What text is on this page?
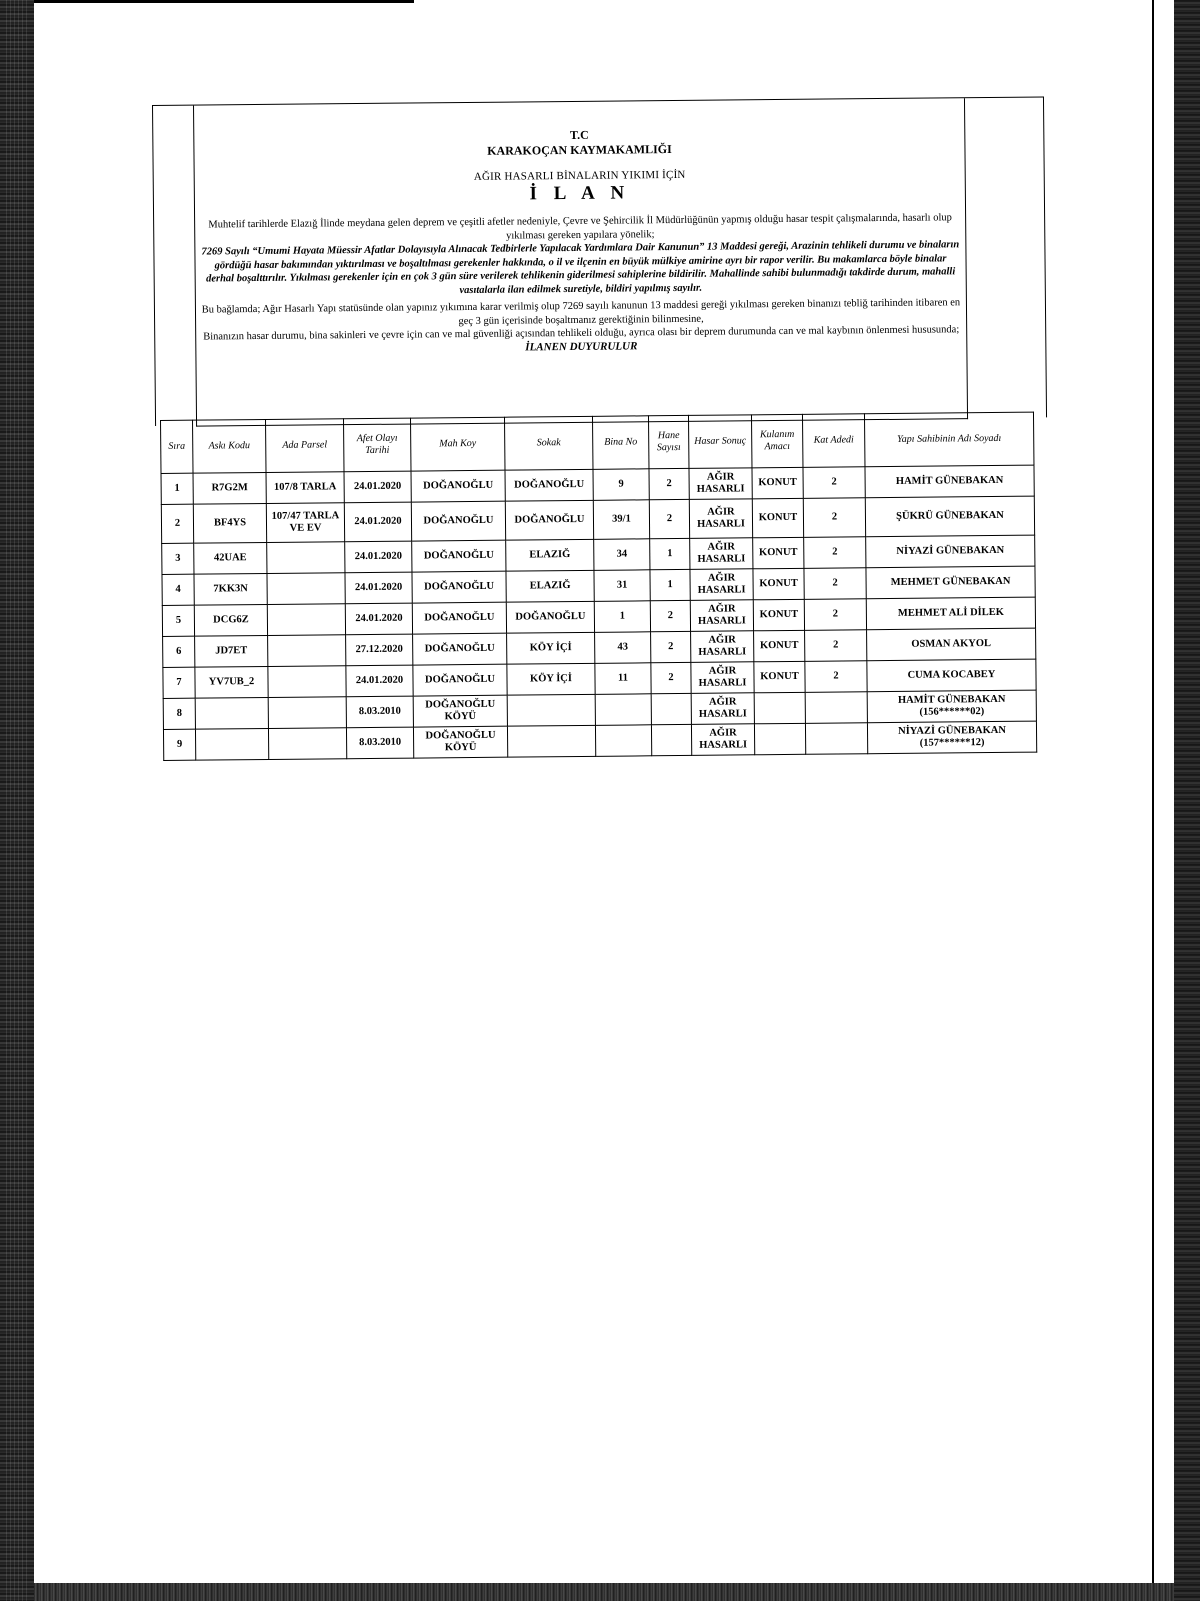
T.C
KARAKOÇAN KAYMAKAMLIĞI
AĞIR HASARLI BİNALARIN YIKIMI İÇİN
İ L A N
Muhtelif tarihlerde Elazığ İlinde meydana gelen deprem ve çeşitli afetler nedeniyle, Çevre ve Şehircilik İl Müdürlüğünün yapmış olduğu hasar tespit çalışmalarında, hasarlı olup yıkılması gereken yapılara yönelik;
7269 Sayılı “Umumi Hayata Müessir Afatlar Dolayısıyla Alınacak Tedbirlerle Yapılacak Yardımlara Dair Kanunun” 13 Maddesi gereği, Arazinin tehlikeli durumu ve binaların gördüğü hasar bakımından yıktırılması ve boşaltılması gerekenler hakkında, o il ve ilçenin en büyük mülkiye amirine ayrı bir rapor verilir. Bu makamlarca böyle binalar derhal boşalttırılır. Yıkılması gerekenler için en çok 3 gün süre verilerek tehlikenin giderilmesi sahiplerine bildirilir. Mahallinde sahibi bulunmadığı takdirde durum, mahalli vasıtalarla ilan edilmek suretiyle, bildiri yapılmış sayılır.
Bu bağlamda; Ağır Hasarlı Yapı statüsünde olan yapınız yıkımına karar verilmiş olup 7269 sayılı kanunun 13 maddesi gereği yıkılması gereken binanızı tebliğ tarihinden itibaren en geç 3 gün içerisinde boşaltmanız gerektiğinin bilinmesine,
Binanızın hasar durumu, bina sakinleri ve çevre için can ve mal güvenliği açısından tehlikeli olduğu, ayrıca olası bir deprem durumunda can ve mal kaybının önlenmesi hususunda;
İLANEN DUYURULUR
Sıra	Askı Kodu	Ada Parsel	Afet Olayı Tarihi	Mah Koy	Sokak	Bina No	Hane Sayısı	Hasar Sonuç	Kulanım Amacı	Kat Adedi	Yapı Sahibinin Adı Soyadı
1	R7G2M	107/8 TARLA	24.01.2020	DOĞANOĞLU	DOĞANOĞLU	9	2	AĞIR HASARLI	KONUT	2	HAMİT GÜNEBAKAN
2	BF4YS	107/47 TARLA VE EV	24.01.2020	DOĞANOĞLU	DOĞANOĞLU	39/1	2	AĞIR HASARLI	KONUT	2	ŞÜKRÜ GÜNEBAKAN
3	42UAE		24.01.2020	DOĞANOĞLU	ELAZIĞ	34	1	AĞIR HASARLI	KONUT	2	NİYAZİ GÜNEBAKAN
4	7KK3N		24.01.2020	DOĞANOĞLU	ELAZIĞ	31	1	AĞIR HASARLI	KONUT	2	MEHMET GÜNEBAKAN
5	DCG6Z		24.01.2020	DOĞANOĞLU	DOĞANOĞLU	1	2	AĞIR HASARLI	KONUT	2	MEHMET ALİ DİLEK
6	JD7ET		27.12.2020	DOĞANOĞLU	KÖY İÇİ	43	2	AĞIR HASARLI	KONUT	2	OSMAN AKYOL
7	YV7UB_2		24.01.2020	DOĞANOĞLU	KÖY İÇİ	11	2	AĞIR HASARLI	KONUT	2	CUMA KOCABEY
8			8.03.2010	DOĞANOĞLU KÖYÜ				AĞIR HASARLI			HAMİT GÜNEBAKAN (156******02)
9			8.03.2010	DOĞANOĞLU KÖYÜ				AĞIR HASARLI			NİYAZİ GÜNEBAKAN (157******12)
